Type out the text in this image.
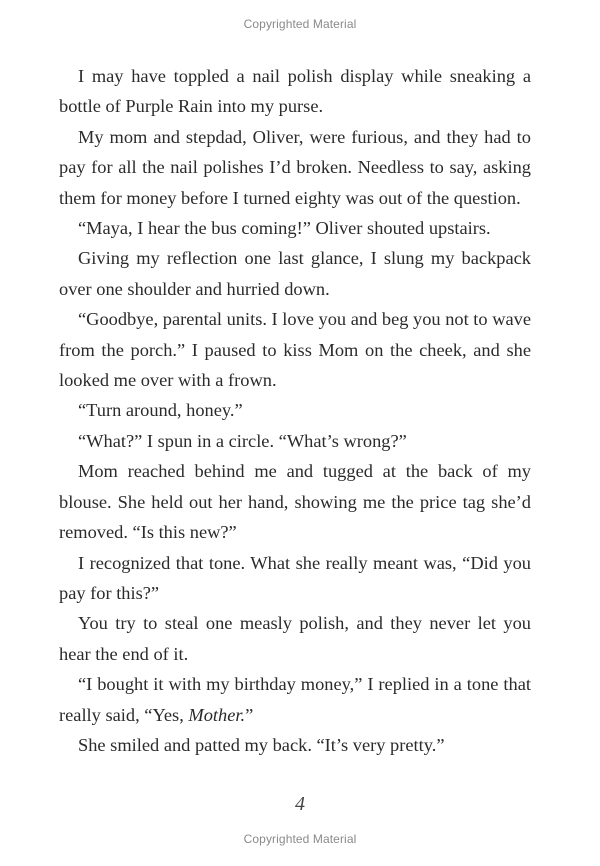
Copyrighted Material

I may have toppled a nail polish display while sneaking a bottle of Purple Rain into my purse.

My mom and stepdad, Oliver, were furious, and they had to pay for all the nail polishes I’d broken. Needless to say, asking them for money before I turned eighty was out of the question.

“Maya, I hear the bus coming!” Oliver shouted upstairs.

Giving my reflection one last glance, I slung my backpack over one shoulder and hurried down.

“Goodbye, parental units. I love you and beg you not to wave from the porch.” I paused to kiss Mom on the cheek, and she looked me over with a frown.

“Turn around, honey.”

“What?” I spun in a circle. “What’s wrong?”

Mom reached behind me and tugged at the back of my blouse. She held out her hand, showing me the price tag she’d removed. “Is this new?”

I recognized that tone. What she really meant was, “Did you pay for this?”

You try to steal one measly polish, and they never let you hear the end of it.

“I bought it with my birthday money,” I replied in a tone that really said, “Yes, Mother.”

She smiled and patted my back. “It’s very pretty.”

4
Copyrighted Material
